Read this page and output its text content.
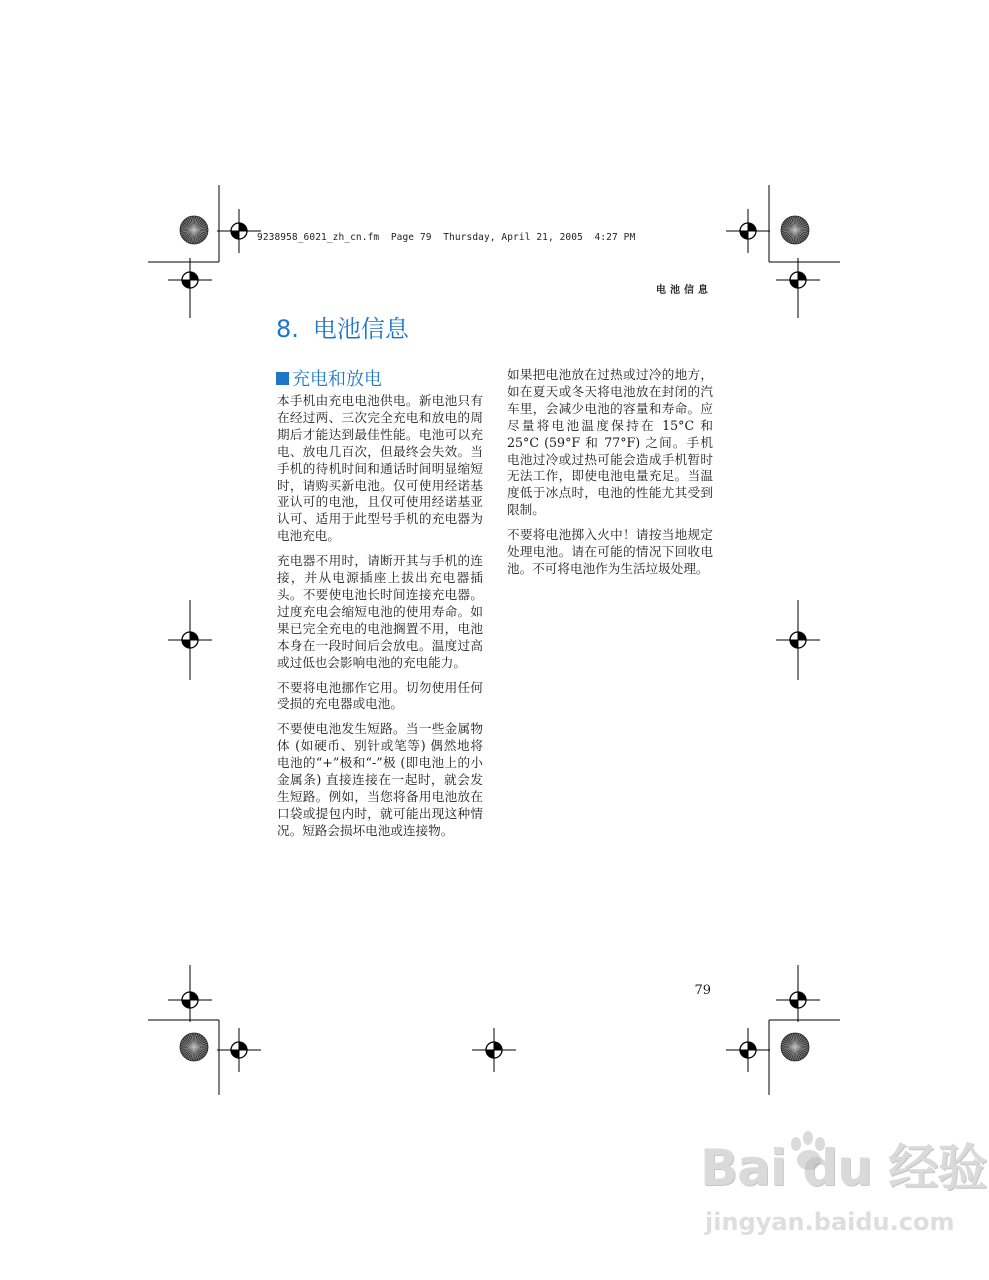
9238958_6021_zh_cn.fm  Page 79  Thursday, April 21, 2005  4:27 PM
电池信息
8. 电池信息
充电和放电

本手机由充电电池供电。新电池只有在经过两、三次完全充电和放电的周期后才能达到最佳性能。电池可以充电、放电几百次，但最终会失效。当手机的待机时间和通话时间明显缩短时，请购买新电池。仅可使用经诺基亚认可的电池，且仅可使用经诺基亚认可、适用于此型号手机的充电器为电池充电。

充电器不用时，请断开其与手机的连接，并从电源插座上拔出充电器插头。不要使电池长时间连接充电器。过度充电会缩短电池的使用寿命。如果已完全充电的电池搁置不用，电池本身在一段时间后会放电。温度过高或过低也会影响电池的充电能力。

不要将电池挪作它用。切勿使用任何受损的充电器或电池。

不要使电池发生短路。当一些金属物体 (如硬币、别针或笔等) 偶然地将电池的“+”极和“-”极 (即电池上的小金属条) 直接连接在一起时，就会发生短路。例如，当您将备用电池放在口袋或提包内时，就可能出现这种情况。短路会损坏电池或连接物。

如果把电池放在过热或过冷的地方，如在夏天或冬天将电池放在封闭的汽车里，会减少电池的容量和寿命。应尽量将电池温度保持在 15°C 和 25°C (59°F 和 77°F) 之间。手机电池过冷或过热可能会造成手机暂时无法工作，即使电池电量充足。当温度低于冰点时，电池的性能尤其受到限制。

不要将电池掷入火中！请按当地规定处理电池。请在可能的情况下回收电池。不可将电池作为生活垃圾处理。

79
Bai du 经验
jingyan.baidu.com
